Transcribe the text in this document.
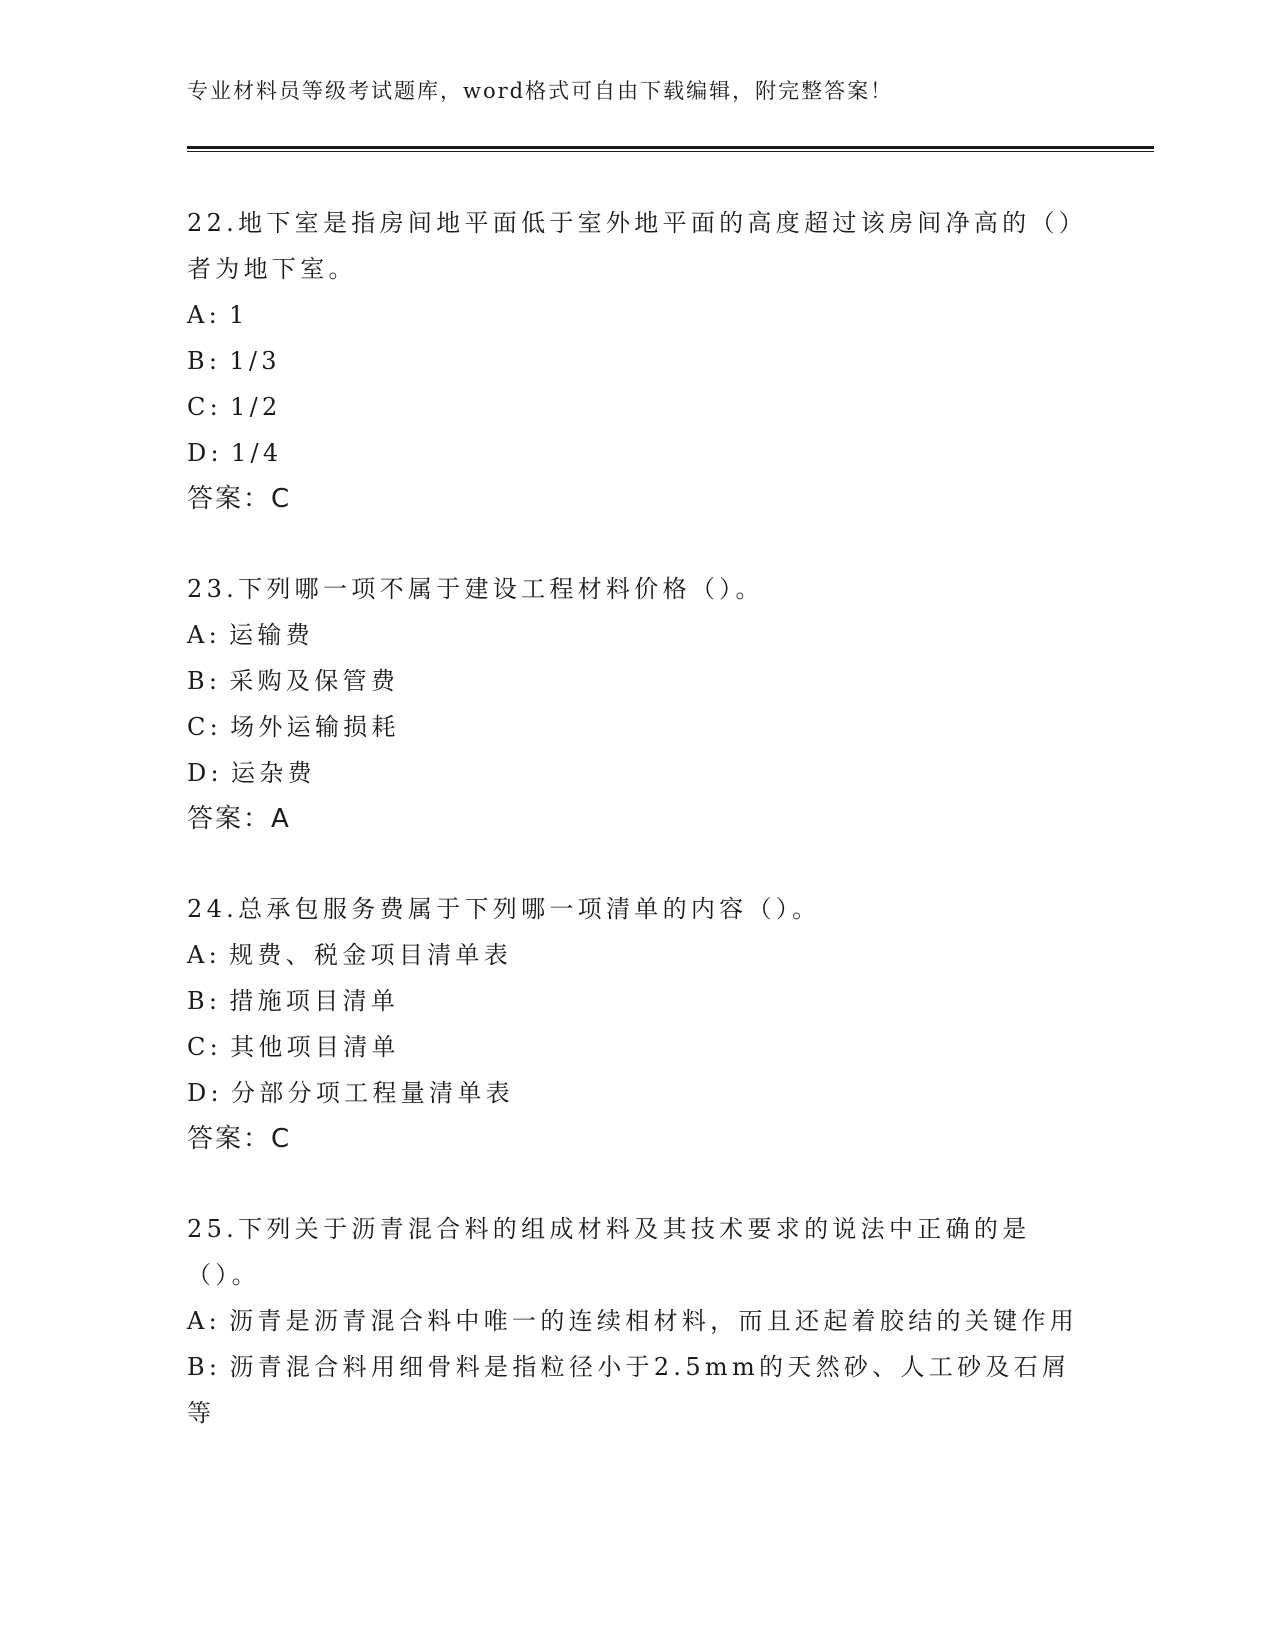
专业材料员等级考试题库，word格式可自由下载编辑，附完整答案！

22.地下室是指房间地平面低于室外地平面的高度超过该房间净高的（）者为地下室。

A: 1

B: 1/3

C: 1/2

D: 1/4

答案：C

23.下列哪一项不属于建设工程材料价格（）。

A: 运输费

B: 采购及保管费

C: 场外运输损耗

D: 运杂费

答案：A

24.总承包服务费属于下列哪一项清单的内容（）。

A: 规费、税金项目清单表

B: 措施项目清单

C: 其他项目清单

D: 分部分项工程量清单表

答案：C

25.下列关于沥青混合料的组成材料及其技术要求的说法中正确的是（）。

A: 沥青是沥青混合料中唯一的连续相材料，而且还起着胶结的关键作用

B: 沥青混合料用细骨料是指粒径小于2.5mm的天然砂、人工砂及石屑等
